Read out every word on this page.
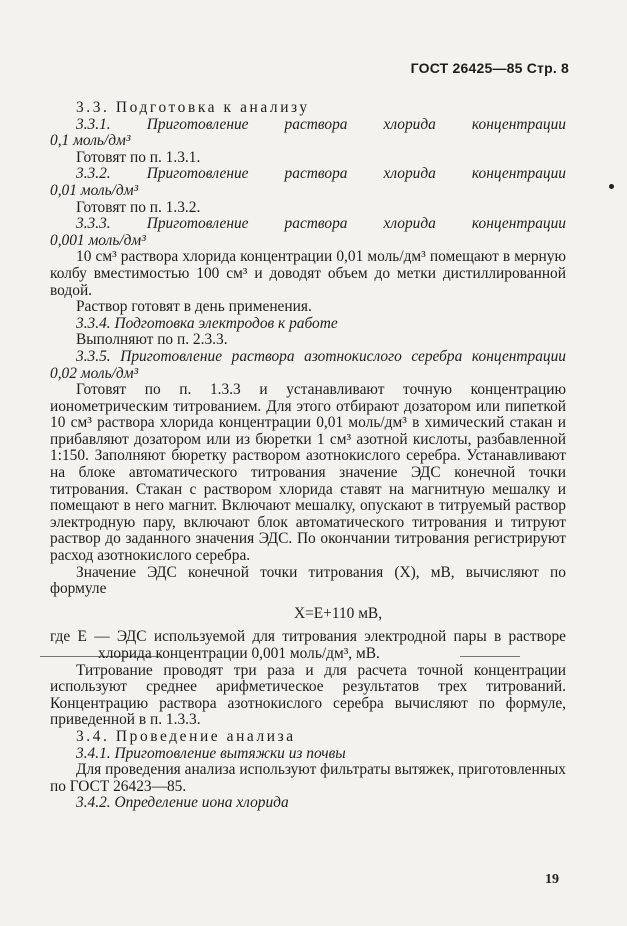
ГОСТ 26425—85 Стр. 8

3.3. Подготовка к анализу

3.3.1. Приготовление раствора хлорида концентрации

0,1 моль/дм³

Готовят по п. 1.3.1.

3.3.2. Приготовление раствора хлорида концентрации

0,01 моль/дм³

Готовят по п. 1.3.2.

3.3.3. Приготовление раствора хлорида концентрации

0,001 моль/дм³

10 см³ раствора хлорида концентрации 0,01 моль/дм³ помещают в мерную колбу вместимостью 100 см³ и доводят объем до метки дистиллированной водой.

Раствор готовят в день применения.

3.3.4. Подготовка электродов к работе

Выполняют по п. 2.3.3.

3.3.5. Приготовление раствора азотнокислого серебра концентрации 0,02 моль/дм³

Готовят по п. 1.3.3 и устанавливают точную концентрацию ионометрическим титрованием. Для этого отбирают дозатором или пипеткой 10 см³ раствора хлорида концентрации 0,01 моль/дм³ в химический стакан и прибавляют дозатором или из бюретки 1 см³ азотной кислоты, разбавленной 1:150. Заполняют бюретку раствором азотнокислого серебра. Устанавливают на блоке автоматического титрования значение ЭДС конечной точки титрования. Стакан с раствором хлорида ставят на магнитную мешалку и помещают в него магнит. Включают мешалку, опускают в титруемый раствор электродную пару, включают блок автоматического титрования и титруют раствор до заданного значения ЭДС. По окончании титрования регистрируют расход азотнокислого серебра.

Значение ЭДС конечной точки титрования (X), мВ, вычисляют по формуле

X=E+110 мВ,

где E — ЭДС используемой для титрования электродной пары в растворе хлорида концентрации 0,001 моль/дм³, мВ.

Титрование проводят три раза и для расчета точной концентрации используют среднее арифметическое результатов трех титрований. Концентрацию раствора азотнокислого серебра вычисляют по формуле, приведенной в п. 1.3.3.

3.4. Проведение анализа

3.4.1. Приготовление вытяжки из почвы

Для проведения анализа используют фильтраты вытяжек, приготовленных по ГОСТ 26423—85.

3.4.2. Определение иона хлорида

19
